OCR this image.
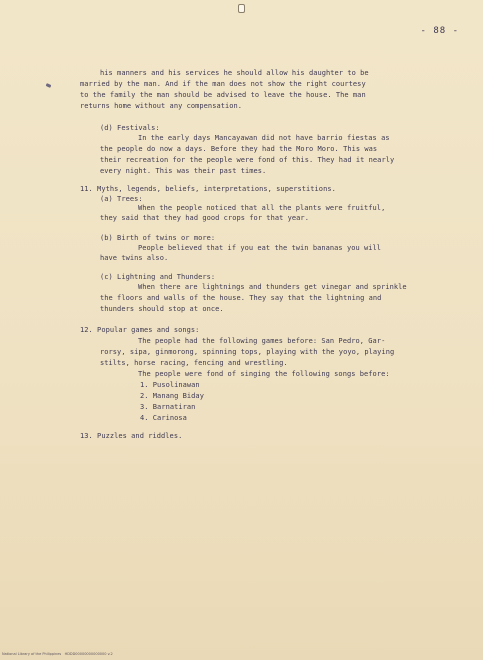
- 88 -
his manners and his services he should allow his daughter to be
married by the man. And if the man does not show the right courtesy
to the family the man should be advised to leave the house. The man
returns home without any compensation.
(d) Festivals:
In the early days Mancayawan did not have barrio fiestas as
the people do now a days. Before they had the Moro Moro. This was
their recreation for the people were fond of this. They had it nearly
every night. This was their past times.
11. Myths, legends, beliefs, interpretations, superstitions.
(a) Trees:
When the people noticed that all the plants were fruitful,
they said that they had good crops for that year.
(b) Birth of twins or more:
People believed that if you eat the twin bananas you will
have twins also.
(c) Lightning and Thunders:
When there are lightnings and thunders get vinegar and sprinkle
the floors and walls of the house. They say that the lightning and
thunders should stop at once.
12. Popular games and songs:
The people had the following games before: San Pedro, Gar-
rorsy, sipa, ginmorong, spinning tops, playing with the yoyo, playing
stilts, horse racing, fencing and wrestling.
The people were fond of singing the following songs before:
1. Pusolinawan
2. Manang Biday
3. Barnatiran
4. Carinosa
13. Puzzles and riddles.
National Library of the Philippines   HDDD00000000000000 v.2
